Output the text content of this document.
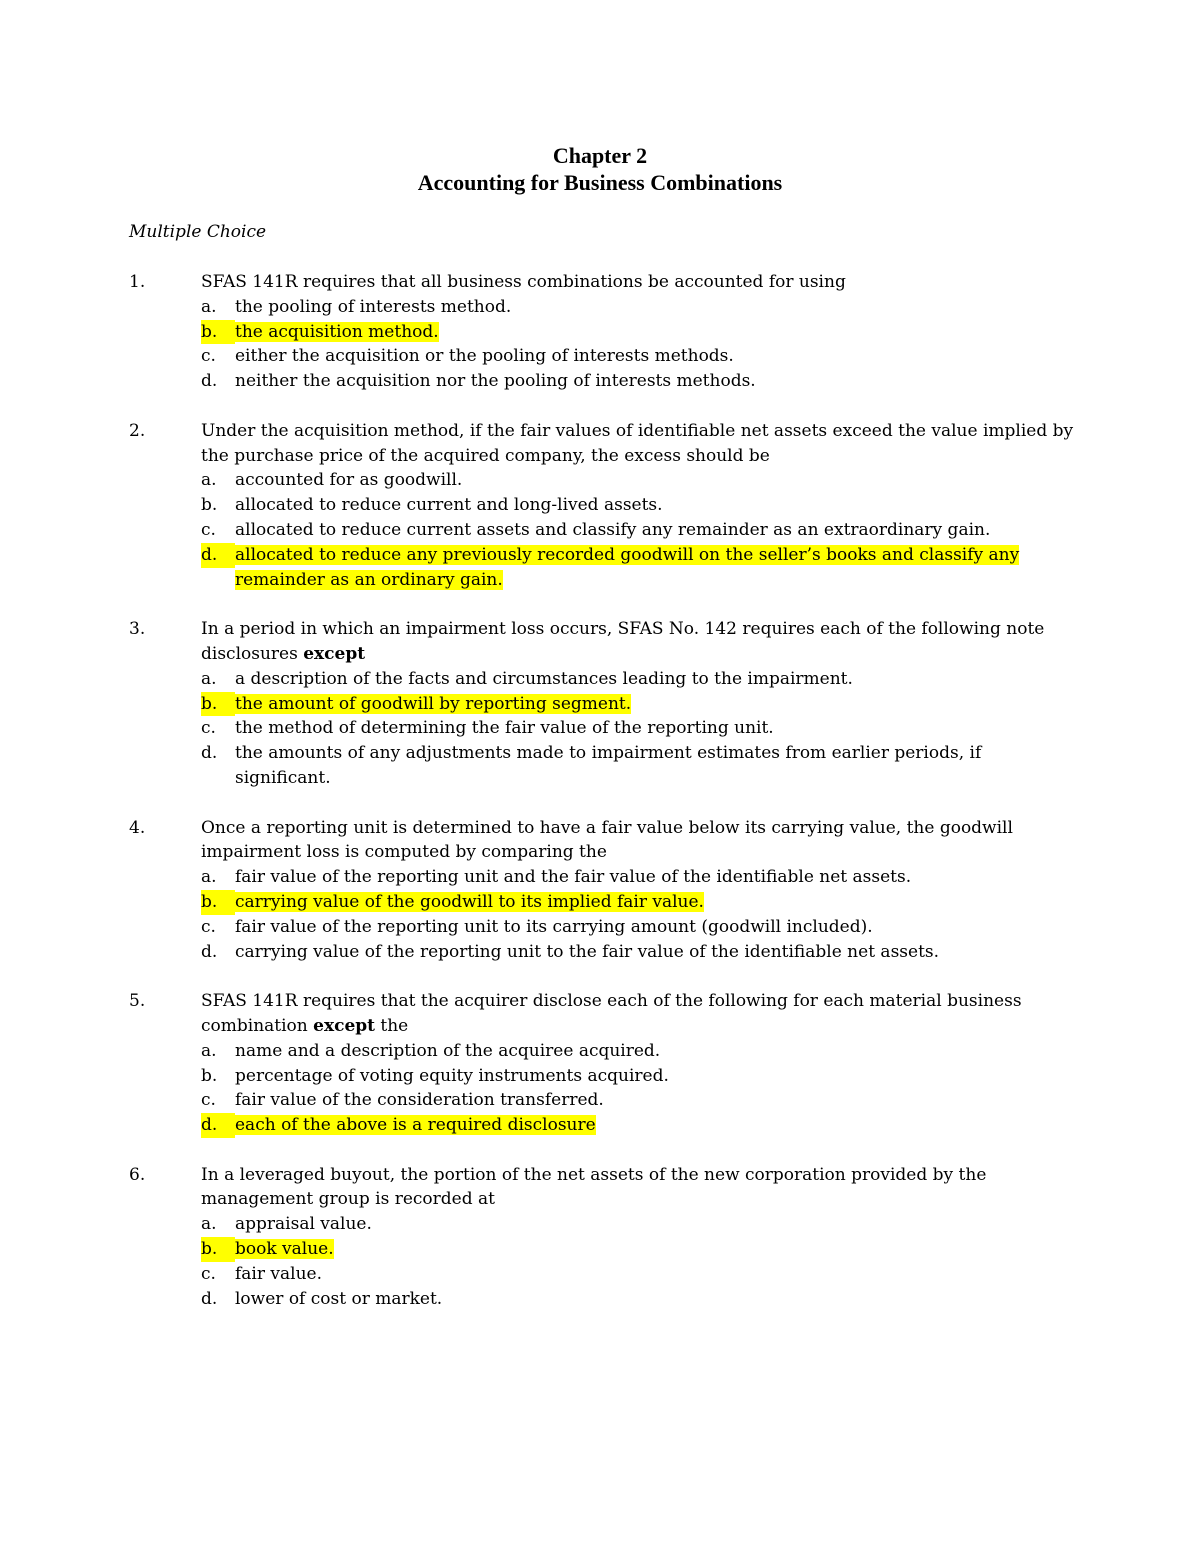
Chapter 2
Accounting for Business Combinations
Multiple Choice
1.	SFAS 141R requires that all business combinations be accounted for using
a. the pooling of interests method.
b.	the acquisition method.
c. either the acquisition or the pooling of interests methods.
d. neither the acquisition nor the pooling of interests methods.
2.	Under the acquisition method, if the fair values of identifiable net assets exceed the value implied by the purchase price of the acquired company, the excess should be
a. accounted for as goodwill.
b. allocated to reduce current and long-lived assets.
c. allocated to reduce current assets and classify any remainder as an extraordinary gain.
d.	allocated to reduce any previously recorded goodwill on the seller’s books and classify any remainder as an ordinary gain.
3.	In a period in which an impairment loss occurs, SFAS No. 142 requires each of the following note disclosures except
a. a description of the facts and circumstances leading to the impairment.
b.	the amount of goodwill by reporting segment.
c. the method of determining the fair value of the reporting unit.
d. the amounts of any adjustments made to impairment estimates from earlier periods, if significant.
4.	Once a reporting unit is determined to have a fair value below its carrying value, the goodwill impairment loss is computed by comparing the
a. fair value of the reporting unit and the fair value of the identifiable net assets.
b.	carrying value of the goodwill to its implied fair value.
c. fair value of the reporting unit to its carrying amount (goodwill included).
d. carrying value of the reporting unit to the fair value of the identifiable net assets.
5.	SFAS 141R requires that the acquirer disclose each of the following for each material business combination except the
a. name and a description of the acquiree acquired.
b. percentage of voting equity instruments acquired.
c. fair value of the consideration transferred.
d.	each of the above is a required disclosure
6.	In a leveraged buyout, the portion of the net assets of the new corporation provided by the management group is recorded at
a. appraisal value.
b.	book value.
c. fair value.
d. lower of cost or market.
